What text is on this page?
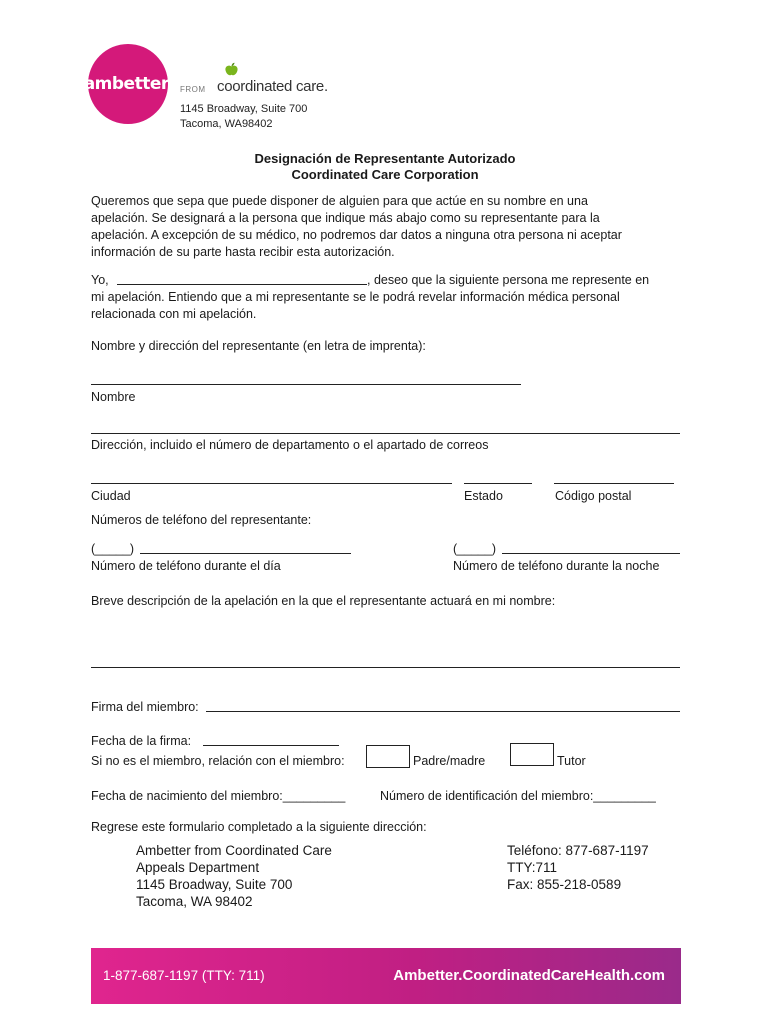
ambetter. FROM coordinated care.
1145 Broadway, Suite 700
Tacoma, WA98402
Designación de Representante Autorizado
Coordinated Care Corporation
Queremos que sepa que puede disponer de alguien para que actúe en su nombre en una
apelación. Se designará a la persona que indique más abajo como su representante para la
apelación. A excepción de su médico, no podremos dar datos a ninguna otra persona ni aceptar
información de su parte hasta recibir esta autorización.
Yo,	, deseo que la siguiente persona me represente en
mi apelación. Entiendo que a mi representante se le podrá revelar información médica personal
relacionada con mi apelación.
Nombre y dirección del representante (en letra de imprenta):
Nombre
Dirección, incluido el número de departamento o el apartado de correos
Ciudad	Estado	Código postal
Números de teléfono del representante:
(_____)	(_____)
Número de teléfono durante el día	Número de teléfono durante la noche
Breve descripción de la apelación en la que el representante actuará en mi nombre:
Firma del miembro:
Fecha de la firma:
Si no es el miembro, relación con el miembro:	Padre/madre	Tutor
Fecha de nacimiento del miembro:_________	Número de identificación del miembro:_________
Regrese este formulario completado a la siguiente dirección:
Ambetter from Coordinated Care
Appeals Department
1145 Broadway, Suite 700
Tacoma, WA 98402
Teléfono: 877-687-1197
TTY:711
Fax: 855-218-0589
1-877-687-1197 (TTY: 711)	Ambetter.CoordinatedCareHealth.com
